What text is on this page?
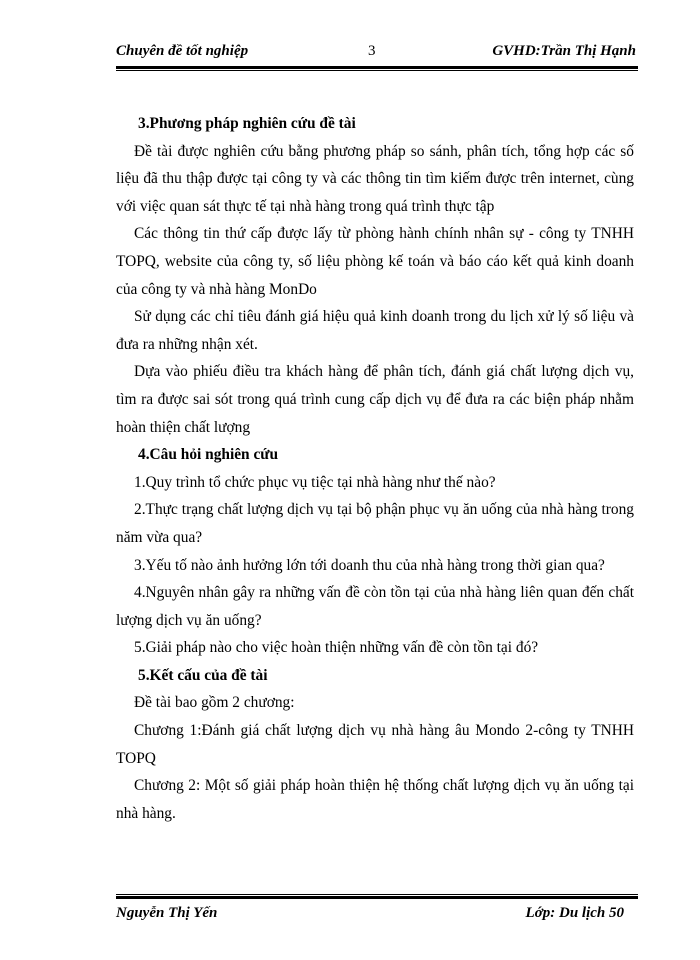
Chuyên đề tốt nghiệp	3	GVHD:Trần Thị Hạnh

3.Phương pháp nghiên cứu đề tài

Đề tài được nghiên cứu bằng phương pháp so sánh, phân tích, tổng hợp các số liệu đã thu thập được tại công ty và các thông tin tìm kiếm được trên internet, cùng với việc quan sát thực tế tại nhà hàng trong quá trình thực tập

Các thông tin thứ cấp được lấy từ phòng hành chính nhân sự - công ty TNHH TOPQ, website của công ty, số liệu phòng kế toán và báo cáo kết quả kinh doanh của công ty và nhà hàng MonDo

Sử dụng các chỉ tiêu đánh giá hiệu quả kinh doanh trong du lịch xử lý số liệu và đưa ra những nhận xét.

Dựa vào phiếu điều tra khách hàng để phân tích, đánh giá chất lượng dịch vụ, tìm ra được sai sót trong quá trình cung cấp dịch vụ để đưa ra các biện pháp nhằm hoàn thiện chất lượng

4.Câu hỏi nghiên cứu

1.Quy trình tổ chức phục vụ tiệc tại nhà hàng như thế nào?

2.Thực trạng chất lượng dịch vụ tại bộ phận phục vụ ăn uống của nhà hàng trong năm vừa qua?

3.Yếu tố nào ảnh hưởng lớn tới doanh thu của nhà hàng trong thời gian qua?

4.Nguyên nhân gây ra những vấn đề còn tồn tại của nhà hàng liên quan đến chất lượng dịch vụ ăn uống?

5.Giải pháp nào cho việc hoàn thiện những vấn đề còn tồn tại đó?

5.Kết cấu của đề tài

Đề tài bao gồm 2 chương:

Chương 1:Đánh giá chất lượng dịch vụ nhà hàng âu Mondo 2-công ty TNHH TOPQ

Chương 2: Một số giải pháp hoàn thiện hệ thống chất lượng dịch vụ ăn uống tại nhà hàng.

Nguyễn Thị Yến	Lớp: Du lịch 50
